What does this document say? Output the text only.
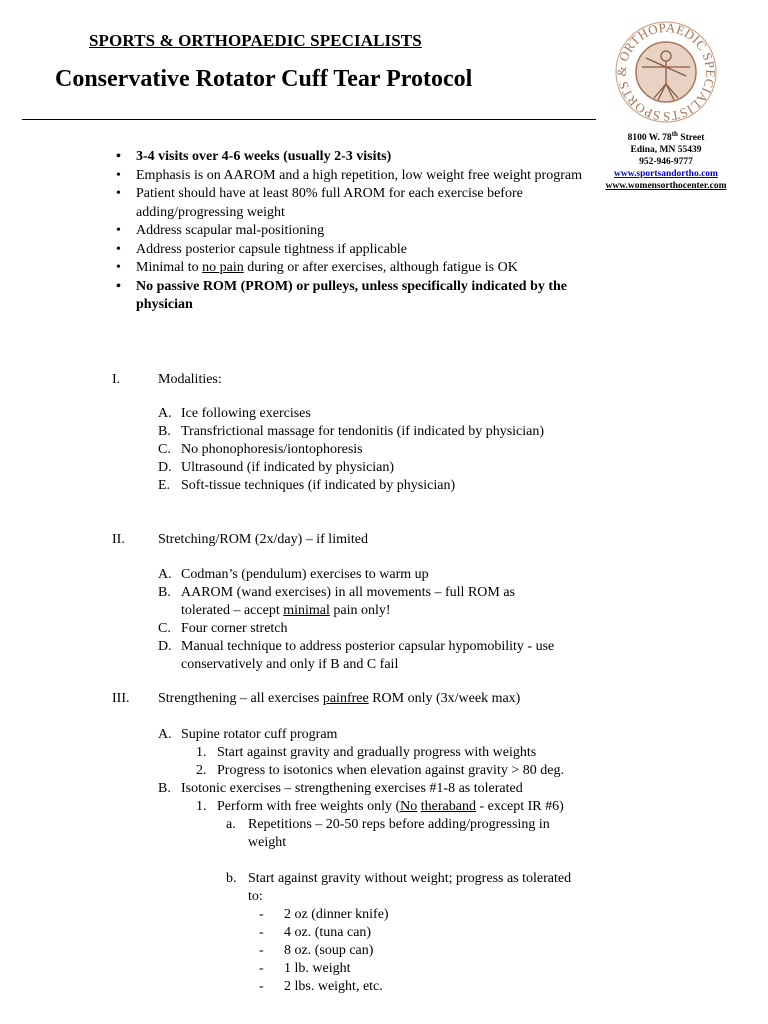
SPORTS & ORTHOPAEDIC SPECIALISTS
Conservative Rotator Cuff Tear Protocol
SPORTS & ORTHOPAEDIC SPECIALISTS
8100 W. 78th Street
Edina, MN 55439
952-946-9777
www.sportsandortho.com
www.womensorthocenter.com
• 3-4 visits over 4-6 weeks (usually 2-3 visits)
• Emphasis is on AAROM and a high repetition, low weight free weight program
• Patient should have at least 80% full AROM for each exercise before adding/progressing weight
• Address scapular mal-positioning
• Address posterior capsule tightness if applicable
• Minimal to no pain during or after exercises, although fatigue is OK
• No passive ROM (PROM) or pulleys, unless specifically indicated by the physician
I.	Modalities:
A. Ice following exercises
B. Transfrictional massage for tendonitis (if indicated by physician)
C. No phonophoresis/iontophoresis
D. Ultrasound (if indicated by physician)
E. Soft-tissue techniques (if indicated by physician)
II. Stretching/ROM (2x/day) – if limited
A. Codman’s (pendulum) exercises to warm up
B. AAROM (wand exercises) in all movements – full ROM as
tolerated – accept minimal pain only!
C. Four corner stretch
D. Manual technique to address posterior capsular hypomobility - use
conservatively and only if B and C fail
III. Strengthening – all exercises painfree ROM only (3x/week max)
A. Supine rotator cuff program
1. Start against gravity and gradually progress with weights
2. Progress to isotonics when elevation against gravity > 80 deg.
B. Isotonic exercises – strengthening exercises #1-8 as tolerated
1. Perform with free weights only (No theraband - except IR #6)
a. Repetitions – 20-50 reps before adding/progressing in
weight
b. Start against gravity without weight; progress as tolerated
to:
- 2 oz (dinner knife)
- 4 oz. (tuna can)
- 8 oz. (soup can)
- 1 lb. weight
- 2 lbs. weight, etc.
